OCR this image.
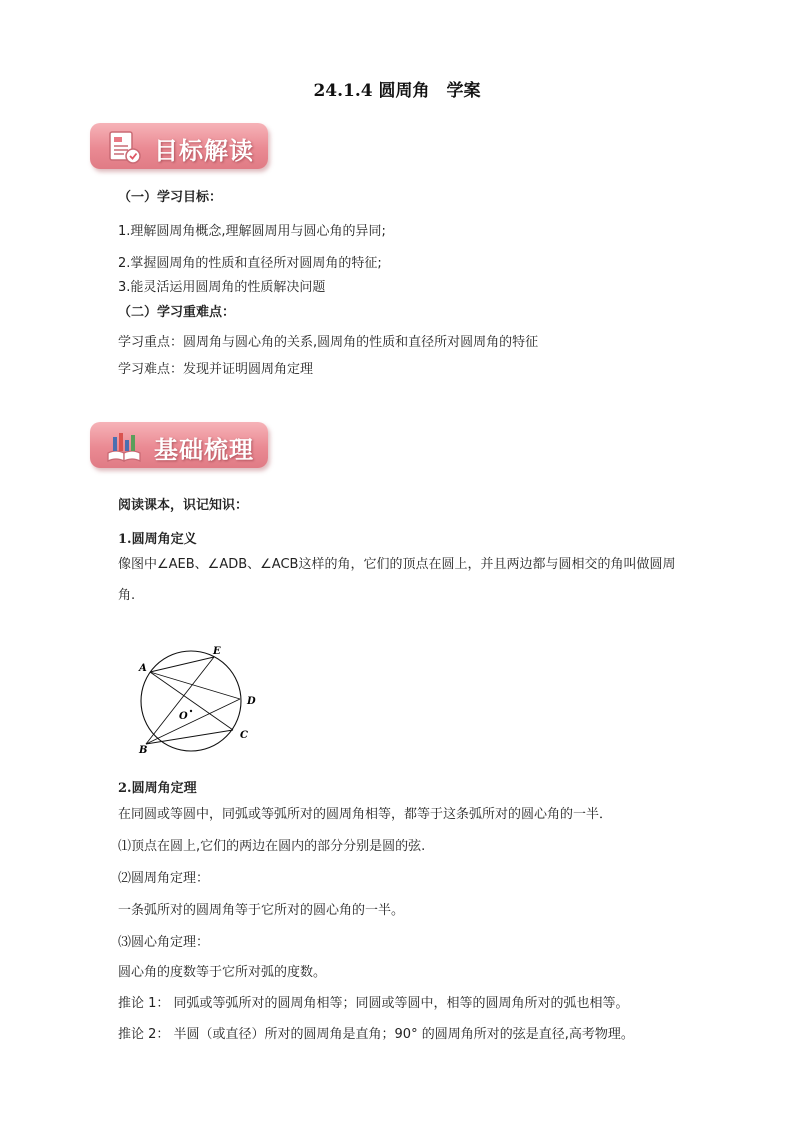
24.1.4 圆周角　学案
目标解读
（一）学习目标：
1.理解圆周角概念,理解圆周用与圆心角的异同;
2.掌握圆周角的性质和直径所对圆周角的特征;
3.能灵活运用圆周角的性质解决问题
（二）学习重难点：
学习重点：圆周角与圆心角的关系,圆周角的性质和直径所对圆周角的特征
学习难点：发现并证明圆周角定理
基础梳理
阅读课本，识记知识：
1.圆周角定义
像图中∠AEB、∠ADB、∠ACB这样的角，它们的顶点在圆上，并且两边都与圆相交的角叫做圆周
角.
A
E
D
C
B
O
2.圆周角定理
在同圆或等圆中，同弧或等弧所对的圆周角相等，都等于这条弧所对的圆心角的一半．
⑴顶点在圆上,它们的两边在圆内的部分分别是圆的弦.
⑵圆周角定理：
一条弧所对的圆周角等于它所对的圆心角的一半。
⑶圆心角定理：
圆心角的度数等于它所对弧的度数。
推论 1： 同弧或等弧所对的圆周角相等；同圆或等圆中，相等的圆周角所对的弧也相等。
推论 2： 半圆（或直径）所对的圆周角是直角；90° 的圆周角所对的弦是直径,高考物理。
